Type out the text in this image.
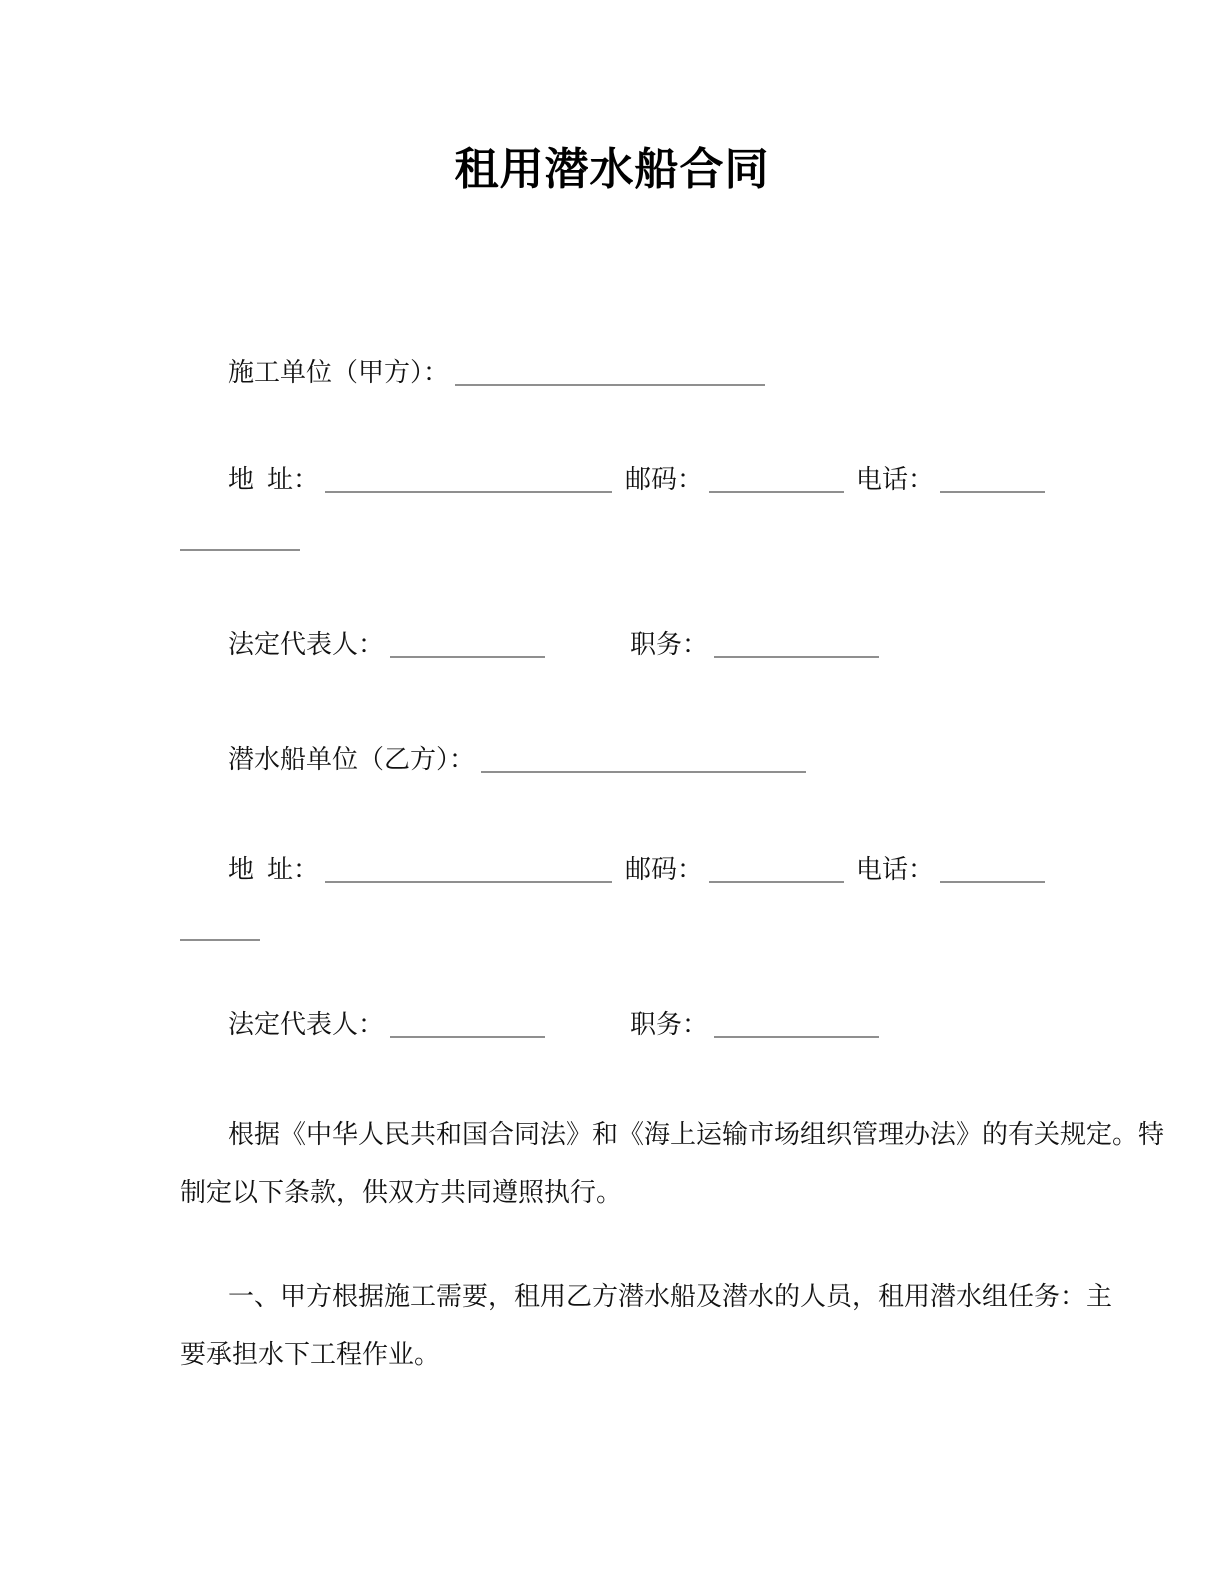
租用潜水船合同
施工单位（甲方）：
地 址：	邮码：	电话：
法定代表人：	职务：
潜水船单位（乙方）：
地 址：	邮码：	电话：
法定代表人：	职务：
根据《中华人民共和国合同法》和《海上运输市场组织管理办法》的有关规定。特
制定以下条款，供双方共同遵照执行。
一、甲方根据施工需要，租用乙方潜水船及潜水的人员，租用潜水组任务：主
要承担水下工程作业。
